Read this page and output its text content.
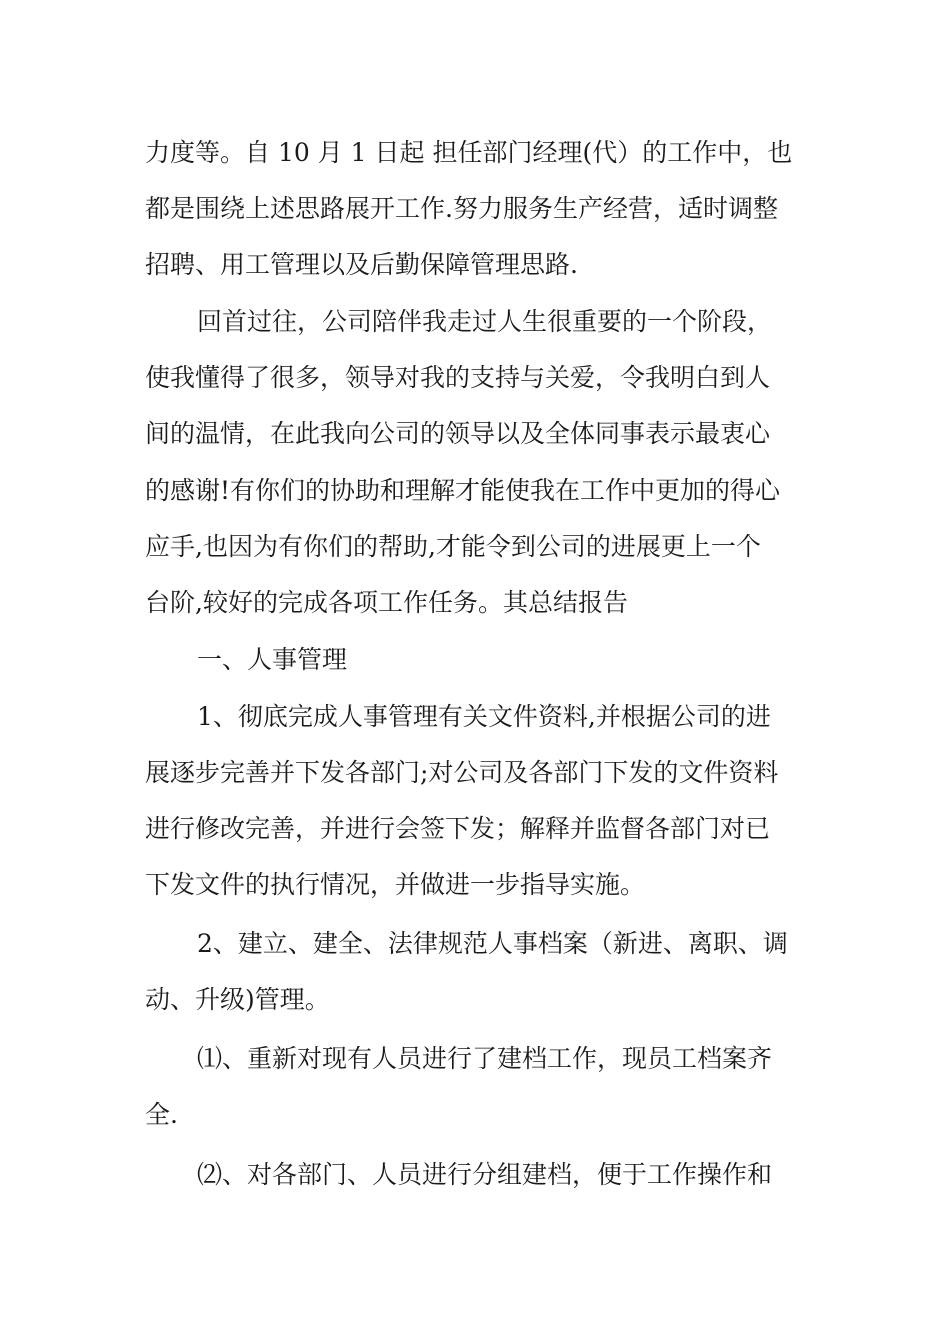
力度等。自 10 月 1 日起 担任部门经理(代）的工作中，也
都是围绕上述思路展开工作.努力服务生产经营，适时调整
招聘、用工管理以及后勤保障管理思路.
回首过往，公司陪伴我走过人生很重要的一个阶段，
使我懂得了很多，领导对我的支持与关爱，令我明白到人
间的温情，在此我向公司的领导以及全体同事表示最衷心
的感谢!有你们的协助和理解才能使我在工作中更加的得心
应手,也因为有你们的帮助,才能令到公司的进展更上一个
台阶,较好的完成各项工作任务。其总结报告
一、人事管理
1、彻底完成人事管理有关文件资料,并根据公司的进
展逐步完善并下发各部门;对公司及各部门下发的文件资料
进行修改完善，并进行会签下发；解释并监督各部门对已
下发文件的执行情况，并做进一步指导实施。
2、建立、建全、法律规范人事档案（新进、离职、调
动、升级)管理。
⑴、重新对现有人员进行了建档工作，现员工档案齐
全.
⑵、对各部门、人员进行分组建档，便于工作操作和
